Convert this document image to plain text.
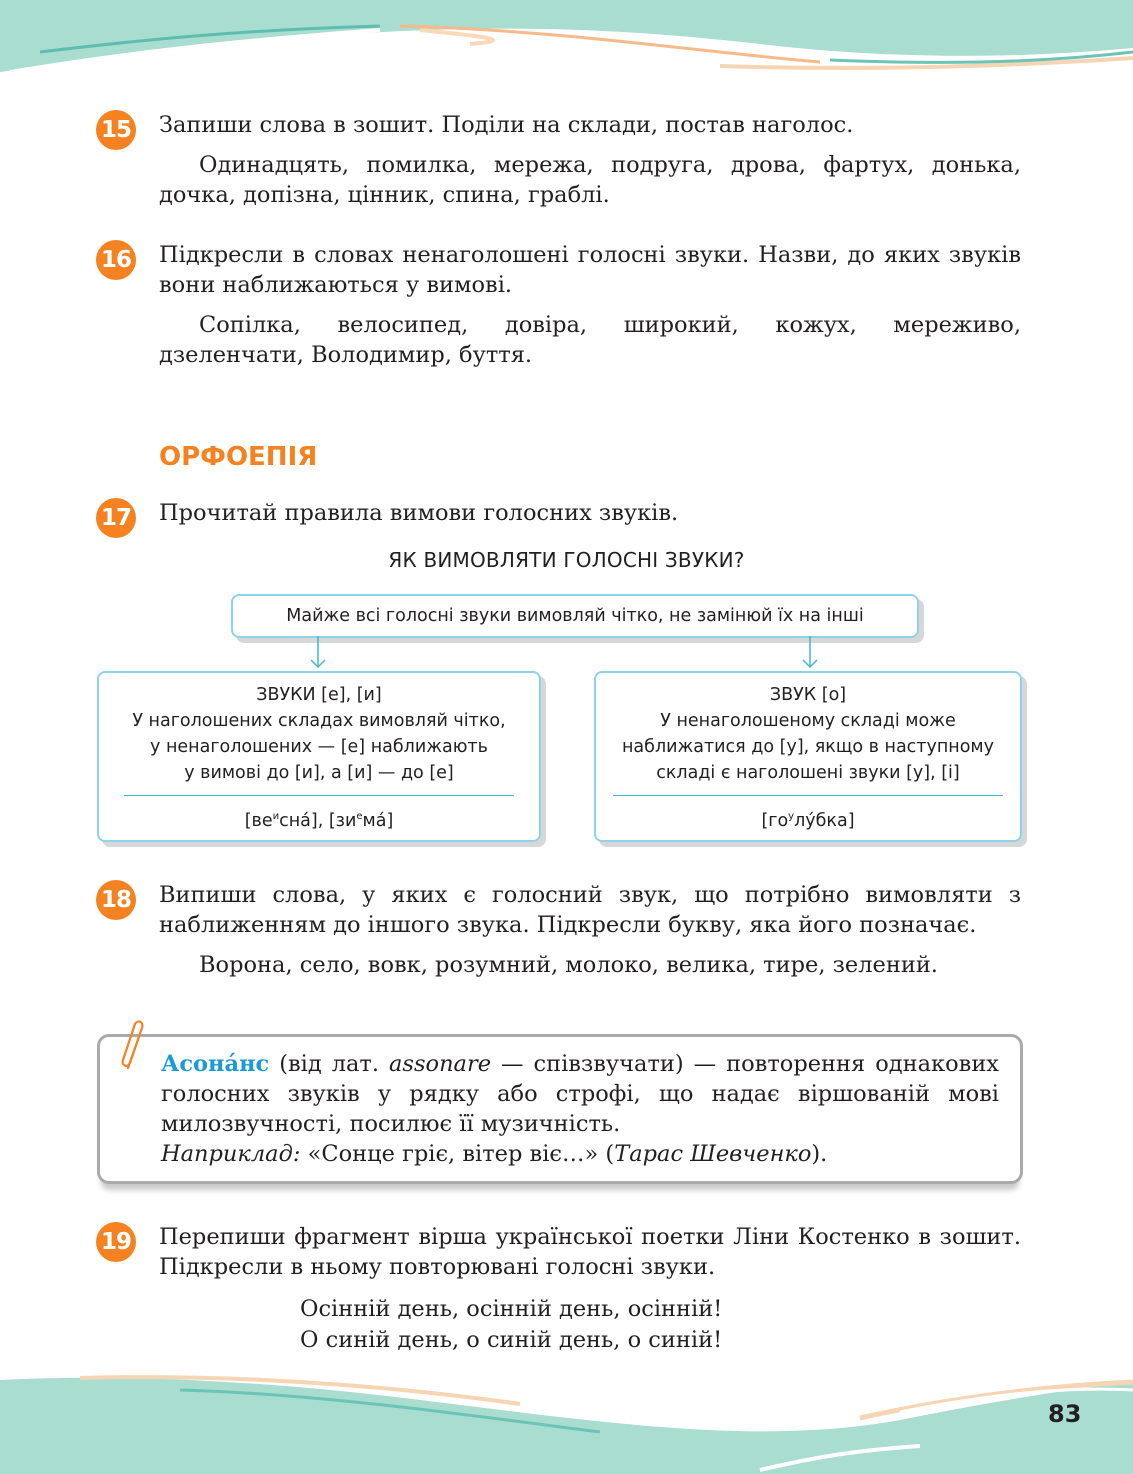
15 Запиши слова в зошит. Поділи на склади, постав наголос.
Одинадцять, помилка, мережа, подруга, дрова, фартух, донька, дочка, допізна, цінник, спина, граблі.
16 Підкресли в словах ненаголошені голосні звуки. Назви, до яких звуків вони наближаються у вимові.
Сопілка, велосипед, довіра, широкий, кожух, мереживо, дзеленчати, Володимир, буття.
ОРФОЕПІЯ
17 Прочитай правила вимови голосних звуків.
ЯК ВИМОВЛЯТИ ГОЛОСНІ ЗВУКИ?
Майже всі голосні звуки вимовляй чітко, не замінюй їх на інші
ЗВУКИ [е], [и]
У наголошених складах вимовляй чітко,
у ненаголошених — [е] наближають
у вимові до [и], а [и] — до [е]
$[ве^исна́]$, $[зи^ема́]$
ЗВУК [о]
У ненаголошеному складі може
наближатися до [у], якщо в наступному
складі є наголошені звуки [у], [і]
$[го^улу́бка]$
18 Випиши слова, у яких є голосний звук, що потрібно вимовляти з наближенням до іншого звука. Підкресли букву, яка його позначає.
Ворона, село, вовк, розумний, молоко, велика, тире, зелений.
Асона́нс (від лат. assonare — співзвучати) — повторення однакових голосних звуків у рядку або строфі, що надає віршованій мові милозвучності, посилює її музичність.
Наприклад: «Сонце гріє, вітер віє…» (Тарас Шевченко).
19 Перепиши фрагмент вірша української поетки Ліни Костенко в зошит. Підкресли в ньому повторювані голосні звуки.
Осінній день, осінній день, осінній!
О синій день, о синій день, о синій!
83
